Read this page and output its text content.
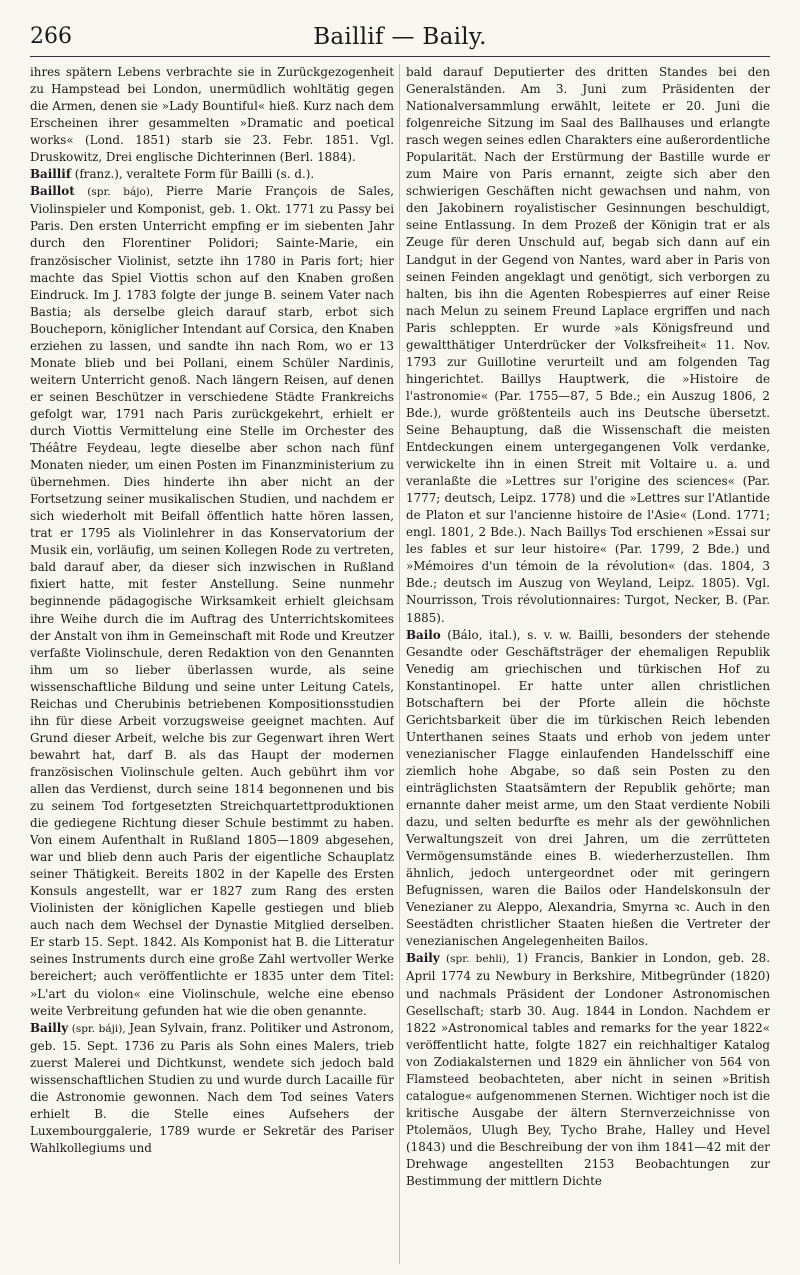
266	Baillif — Baily.

ihres spätern Lebens verbrachte sie in Zurückgezogenheit zu Hampstead bei London, unermüdlich wohltätig gegen die Armen, denen sie »Lady Bountiful« hieß. Kurz nach dem Erscheinen ihrer gesammelten »Dramatic and poetical works« (Lond. 1851) starb sie 23. Febr. 1851. Vgl. Druskowitz, Drei englische Dichterinnen (Berl. 1884).

Baillif (franz.), veraltete Form für Bailli (s. d.).

Baillot (spr. bájo), Pierre Marie François de Sales, Violinspieler und Komponist, geb. 1. Okt. 1771 zu Passy bei Paris. Den ersten Unterricht empfing er im siebenten Jahr durch den Florentiner Polidori; Sainte-Marie, ein französischer Violinist, setzte ihn 1780 in Paris fort; hier machte das Spiel Viottis schon auf den Knaben großen Eindruck. Im J. 1783 folgte der junge B. seinem Vater nach Bastia; als derselbe gleich darauf starb, erbot sich Boucheporn, königlicher Intendant auf Corsica, den Knaben erziehen zu lassen, und sandte ihn nach Rom, wo er 13 Monate blieb und bei Pollani, einem Schüler Nardinis, weitern Unterricht genoß. Nach längern Reisen, auf denen er seinen Beschützer in verschiedene Städte Frankreichs gefolgt war, 1791 nach Paris zurückgekehrt, erhielt er durch Viottis Vermittelung eine Stelle im Orchester des Théâtre Feydeau, legte dieselbe aber schon nach fünf Monaten nieder, um einen Posten im Finanzministerium zu übernehmen. Dies hinderte ihn aber nicht an der Fortsetzung seiner musikalischen Studien, und nachdem er sich wiederholt mit Beifall öffentlich hatte hören lassen, trat er 1795 als Violinlehrer in das Konservatorium der Musik ein, vorläufig, um seinen Kollegen Rode zu vertreten, bald darauf aber, da dieser sich inzwischen in Rußland fixiert hatte, mit fester Anstellung. Seine nunmehr beginnende pädagogische Wirksamkeit erhielt gleichsam ihre Weihe durch die im Auftrag des Unterrichtskomitees der Anstalt von ihm in Gemeinschaft mit Rode und Kreutzer verfaßte Violinschule, deren Redaktion von den Genannten ihm um so lieber überlassen wurde, als seine wissenschaftliche Bildung und seine unter Leitung Catels, Reichas und Cherubinis betriebenen Kompositionsstudien ihn für diese Arbeit vorzugsweise geeignet machten. Auf Grund dieser Arbeit, welche bis zur Gegenwart ihren Wert bewahrt hat, darf B. als das Haupt der modernen französischen Violinschule gelten. Auch gebührt ihm vor allen das Verdienst, durch seine 1814 begonnenen und bis zu seinem Tod fortgesetzten Streichquartettproduktionen die gediegene Richtung dieser Schule bestimmt zu haben. Von einem Aufenthalt in Rußland 1805—1809 abgesehen, war und blieb denn auch Paris der eigentliche Schauplatz seiner Thätigkeit. Bereits 1802 in der Kapelle des Ersten Konsuls angestellt, war er 1827 zum Rang des ersten Violinisten der königlichen Kapelle gestiegen und blieb auch nach dem Wechsel der Dynastie Mitglied derselben. Er starb 15. Sept. 1842. Als Komponist hat B. die Litteratur seines Instruments durch eine große Zahl wertvoller Werke bereichert; auch veröffentlichte er 1835 unter dem Titel: »L'art du violon« eine Violinschule, welche eine ebenso weite Verbreitung gefunden hat wie die oben genannte.

Bailly (spr. báji), Jean Sylvain, franz. Politiker und Astronom, geb. 15. Sept. 1736 zu Paris als Sohn eines Malers, trieb zuerst Malerei und Dichtkunst, wendete sich jedoch bald wissenschaftlichen Studien zu und wurde durch Lacaille für die Astronomie gewonnen. Nach dem Tod seines Vaters erhielt B. die Stelle eines Aufsehers der Luxembourggalerie, 1789 wurde er Sekretär des Pariser Wahlkollegiums und

bald darauf Deputierter des dritten Standes bei den Generalständen. Am 3. Juni zum Präsidenten der Nationalversammlung erwählt, leitete er 20. Juni die folgenreiche Sitzung im Saal des Ballhauses und erlangte rasch wegen seines edlen Charakters eine außerordentliche Popularität. Nach der Erstürmung der Bastille wurde er zum Maire von Paris ernannt, zeigte sich aber den schwierigen Geschäften nicht gewachsen und nahm, von den Jakobinern royalistischer Gesinnungen beschuldigt, seine Entlassung. In dem Prozeß der Königin trat er als Zeuge für deren Unschuld auf, begab sich dann auf ein Landgut in der Gegend von Nantes, ward aber in Paris von seinen Feinden angeklagt und genötigt, sich verborgen zu halten, bis ihn die Agenten Robespierres auf einer Reise nach Melun zu seinem Freund Laplace ergriffen und nach Paris schleppten. Er wurde »als Königsfreund und gewaltthätiger Unterdrücker der Volksfreiheit« 11. Nov. 1793 zur Guillotine verurteilt und am folgenden Tag hingerichtet. Baillys Hauptwerk, die »Histoire de l'astronomie« (Par. 1755—87, 5 Bde.; ein Auszug 1806, 2 Bde.), wurde größtenteils auch ins Deutsche übersetzt. Seine Behauptung, daß die Wissenschaft die meisten Entdeckungen einem untergegangenen Volk verdanke, verwickelte ihn in einen Streit mit Voltaire u. a. und veranlaßte die »Lettres sur l'origine des sciences« (Par. 1777; deutsch, Leipz. 1778) und die »Lettres sur l'Atlantide de Platon et sur l'ancienne histoire de l'Asie« (Lond. 1771; engl. 1801, 2 Bde.). Nach Baillys Tod erschienen »Essai sur les fables et sur leur histoire« (Par. 1799, 2 Bde.) und »Mémoires d'un témoin de la révolution« (das. 1804, 3 Bde.; deutsch im Auszug von Weyland, Leipz. 1805). Vgl. Nourrisson, Trois révolutionnaires: Turgot, Necker, B. (Par. 1885).

Bailo (Bálo, ital.), s. v. w. Bailli, besonders der stehende Gesandte oder Geschäftsträger der ehemaligen Republik Venedig am griechischen und türkischen Hof zu Konstantinopel. Er hatte unter allen christlichen Botschaftern bei der Pforte allein die höchste Gerichtsbarkeit über die im türkischen Reich lebenden Unterthanen seines Staats und erhob von jedem unter venezianischer Flagge einlaufenden Handelsschiff eine ziemlich hohe Abgabe, so daß sein Posten zu den einträglichsten Staatsämtern der Republik gehörte; man ernannte daher meist arme, um den Staat verdiente Nobili dazu, und selten bedurfte es mehr als der gewöhnlichen Verwaltungszeit von drei Jahren, um die zerrütteten Vermögensumstände eines B. wiederherzustellen. Ihm ähnlich, jedoch untergeordnet oder mit geringern Befugnissen, waren die Bailos oder Handelskonsuln der Venezianer zu Aleppo, Alexandria, Smyrna ꝛc. Auch in den Seestädten christlicher Staaten hießen die Vertreter der venezianischen Angelegenheiten Bailos.

Baily (spr. behli), 1) Francis, Bankier in London, geb. 28. April 1774 zu Newbury in Berkshire, Mitbegründer (1820) und nachmals Präsident der Londoner Astronomischen Gesellschaft; starb 30. Aug. 1844 in London. Nachdem er 1822 »Astronomical tables and remarks for the year 1822« veröffentlicht hatte, folgte 1827 ein reichhaltiger Katalog von Zodiakalsternen und 1829 ein ähnlicher von 564 von Flamsteed beobachteten, aber nicht in seinen »British catalogue« aufgenommenen Sternen. Wichtiger noch ist die kritische Ausgabe der ältern Sternverzeichnisse von Ptolemäos, Ulugh Bey, Tycho Brahe, Halley und Hevel (1843) und die Beschreibung der von ihm 1841—42 mit der Drehwage angestellten 2153 Beobachtungen zur Bestimmung der mittlern Dichte
